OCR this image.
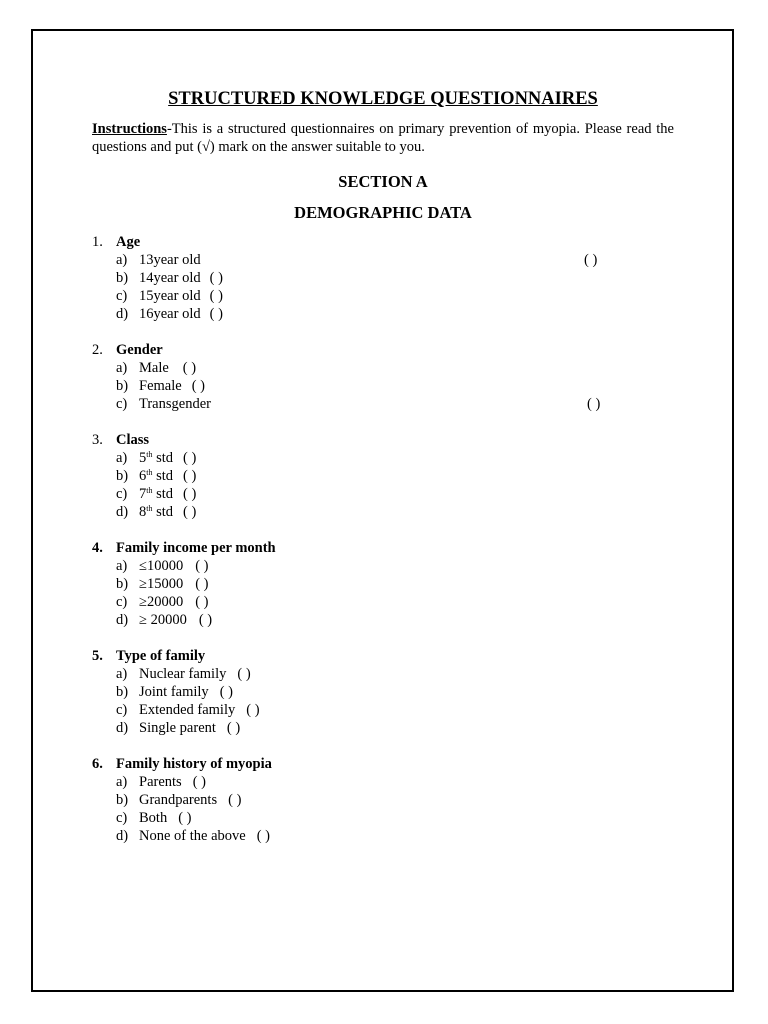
STRUCTURED KNOWLEDGE QUESTIONNAIRES

Instructions-This is a structured questionnaires on primary prevention of myopia. Please read the questions and put (√) mark on the answer suitable to you.

SECTION A
DEMOGRAPHIC DATA
1. Age
a) 13year old	( )
b) 14year old ( )
c) 15year old ( )
d) 16year old ( )
2. Gender
a) Male ( )
b) Female ( )
c) Transgender	( )
3. Class
a) 5th std ( )
b) 6th std ( )
c) 7th std ( )
d) 8th std ( )
4. Family income per month
a) ≤10000 ( )
b) ≥15000 ( )
c) ≥20000 ( )
d) ≥ 20000 ( )
5. Type of family
a) Nuclear family ( )
b) Joint family ( )
c) Extended family ( )
d) Single parent ( )
6. Family history of myopia
a) Parents ( )
b) Grandparents ( )
c) Both ( )
d) None of the above ( )
